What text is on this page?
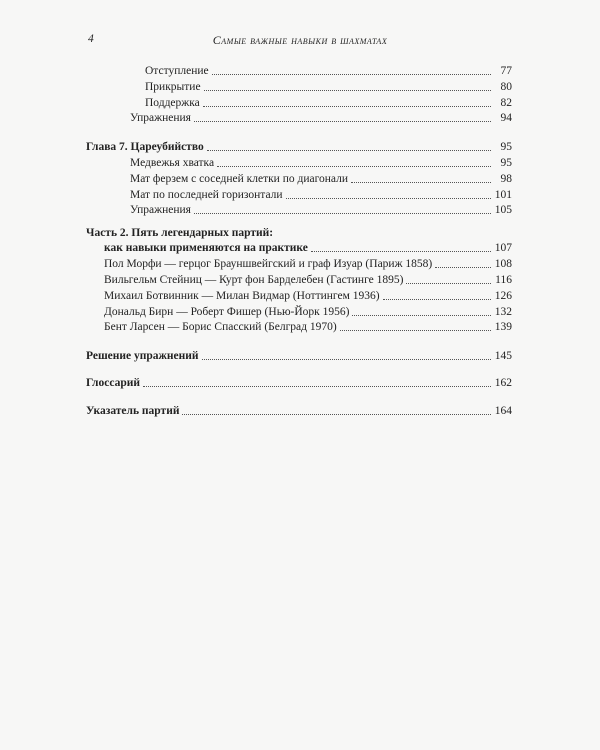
4	Самые важные навыки в шахматах
Отступление	77
Прикрытие	80
Поддержка	82
Упражнения	94
Глава 7. Цареубийство	95
Медвежья хватка	95
Мат ферзем с соседней клетки по диагонали	98
Мат по последней горизонтали	101
Упражнения	105
Часть 2. Пять легендарных партий:
как навыки применяются на практике	107
Пол Морфи — герцог Брауншвейгский и граф Изуар (Париж 1858)	108
Вильгельм Стейниц — Курт фон Барделебен (Гастинге 1895)	116
Михаил Ботвинник — Милан Видмар (Ноттингем 1936)	126
Дональд Бирн — Роберт Фишер (Нью-Йорк 1956)	132
Бент Ларсен — Борис Спасский (Белград 1970)	139
Решение упражнений	145
Глоссарий	162
Указатель партий	164
